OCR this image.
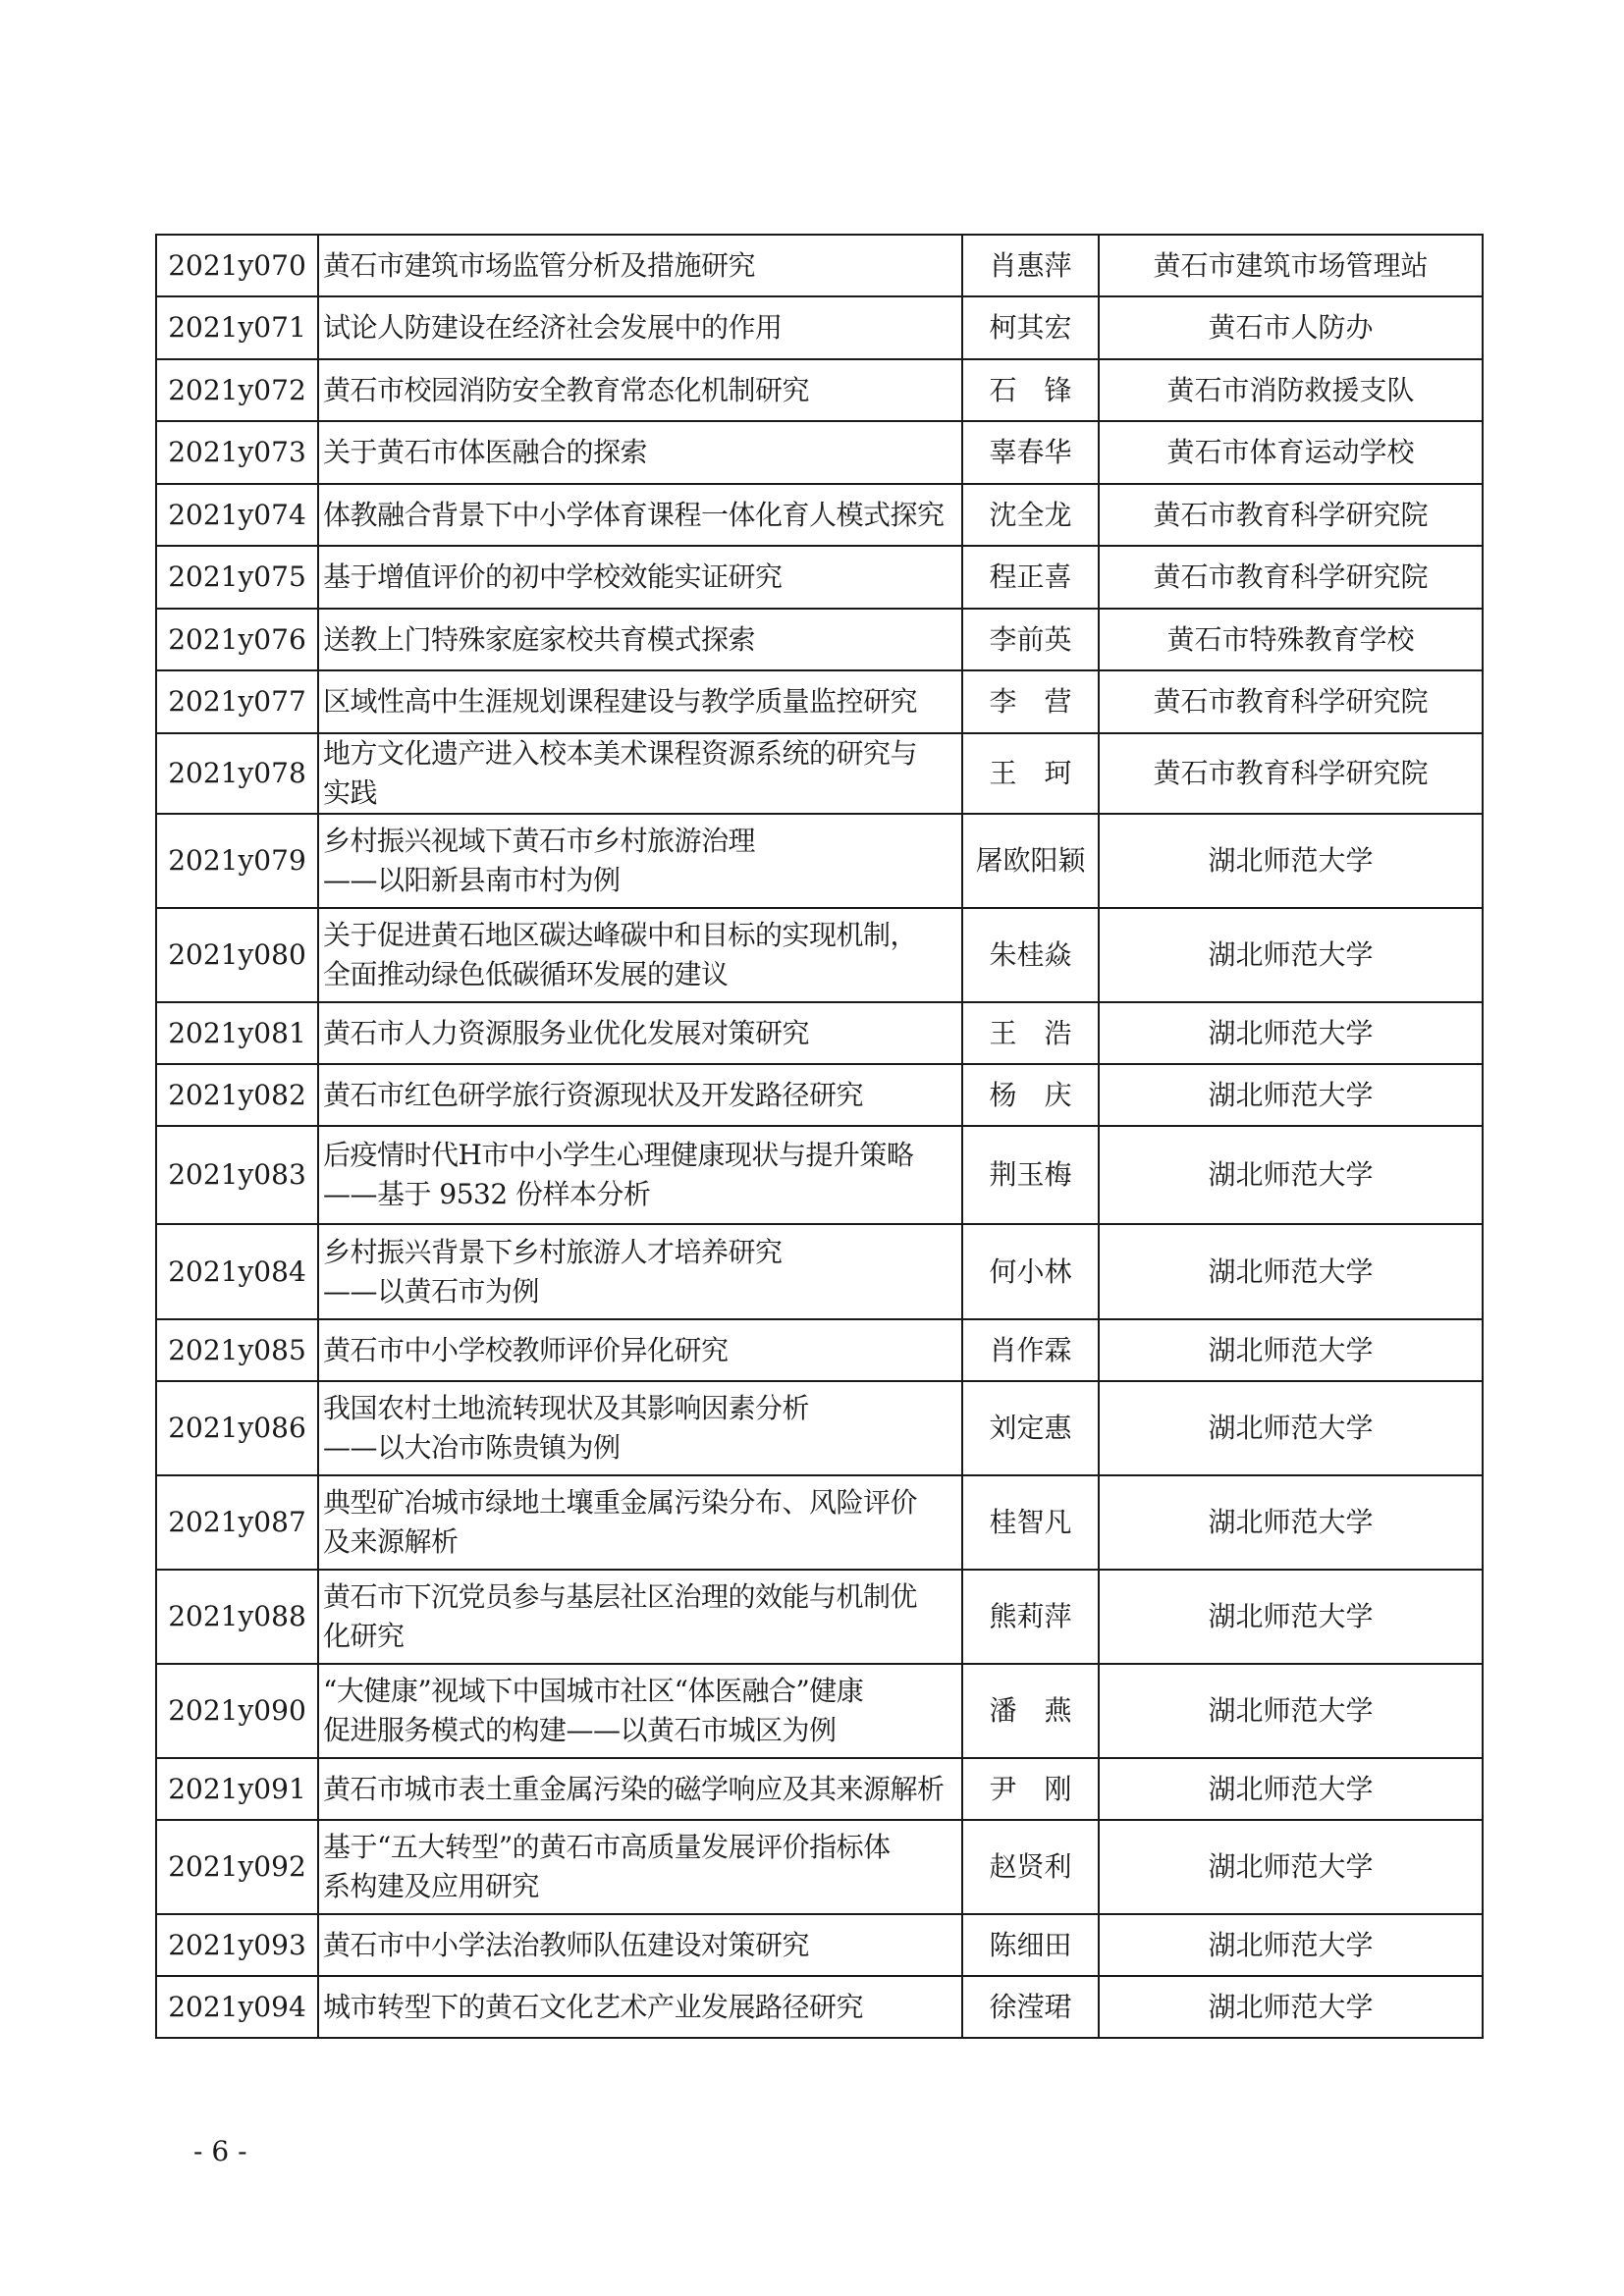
2021y070	黄石市建筑市场监管分析及措施研究	肖惠萍	黄石市建筑市场管理站
2021y071	试论人防建设在经济社会发展中的作用	柯其宏	黄石市人防办
2021y072	黄石市校园消防安全教育常态化机制研究	石　锋	黄石市消防救援支队
2021y073	关于黄石市体医融合的探索	辜春华	黄石市体育运动学校
2021y074	体教融合背景下中小学体育课程一体化育人模式探究	沈全龙	黄石市教育科学研究院
2021y075	基于增值评价的初中学校效能实证研究	程正喜	黄石市教育科学研究院
2021y076	送教上门特殊家庭家校共育模式探索	李前英	黄石市特殊教育学校
2021y077	区域性高中生涯规划课程建设与教学质量监控研究	李　营	黄石市教育科学研究院
2021y078	地方文化遗产进入校本美术课程资源系统的研究与
实践	王　珂	黄石市教育科学研究院
2021y079	乡村振兴视域下黄石市乡村旅游治理
——以阳新县南市村为例	屠欧阳颖	湖北师范大学
2021y080	关于促进黄石地区碳达峰碳中和目标的实现机制，
全面推动绿色低碳循环发展的建议	朱桂焱	湖北师范大学
2021y081	黄石市人力资源服务业优化发展对策研究	王　浩	湖北师范大学
2021y082	黄石市红色研学旅行资源现状及开发路径研究	杨　庆	湖北师范大学
2021y083	后疫情时代H市中小学生心理健康现状与提升策略
——基于 9532 份样本分析	荆玉梅	湖北师范大学
2021y084	乡村振兴背景下乡村旅游人才培养研究
——以黄石市为例	何小林	湖北师范大学
2021y085	黄石市中小学校教师评价异化研究	肖作霖	湖北师范大学
2021y086	我国农村土地流转现状及其影响因素分析
——以大冶市陈贵镇为例	刘定惠	湖北师范大学
2021y087	典型矿冶城市绿地土壤重金属污染分布、风险评价
及来源解析	桂智凡	湖北师范大学
2021y088	黄石市下沉党员参与基层社区治理的效能与机制优
化研究	熊莉萍	湖北师范大学
2021y090	“大健康”视域下中国城市社区“体医融合”健康
促进服务模式的构建——以黄石市城区为例	潘　燕	湖北师范大学
2021y091	黄石市城市表土重金属污染的磁学响应及其来源解析	尹　刚	湖北师范大学
2021y092	基于“五大转型”的黄石市高质量发展评价指标体
系构建及应用研究	赵贤利	湖北师范大学
2021y093	黄石市中小学法治教师队伍建设对策研究	陈细田	湖北师范大学
2021y094	城市转型下的黄石文化艺术产业发展路径研究	徐滢珺	湖北师范大学
- 6 -
